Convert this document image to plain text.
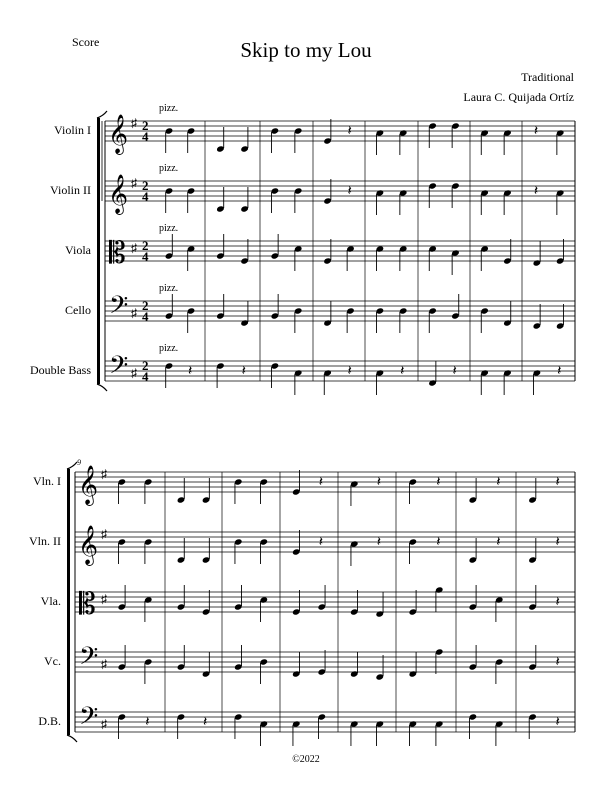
Score	Skip to my Lou
Traditional
Laura C. Quijada Ortíz
Violin I 𝄞 ♯ 2
4
pizz.
Violin II 𝄞 ♯ 2
4
pizz.
Viola 𝄡 ♯ 2
4
pizz.
Cello 𝄢 ♯ 2
4
pizz.
Double Bass 𝄢 ♯ 2
4
pizz.
𝄽	𝄽
𝄽
𝄽
𝄽	𝄽	𝄽
𝄽
𝄽
𝄽
Vln. I 𝄞 ♯
Vln. II 𝄞 ♯
Vla. 𝄡 ♯
Vc. 𝄢 ♯
D.B. 𝄢 ♯
9
𝄽	𝄽
𝄽
𝄽
𝄽
𝄽
𝄽
𝄽
𝄽
𝄽
𝄽
𝄽
𝄽
𝄽
𝄽
©2022
